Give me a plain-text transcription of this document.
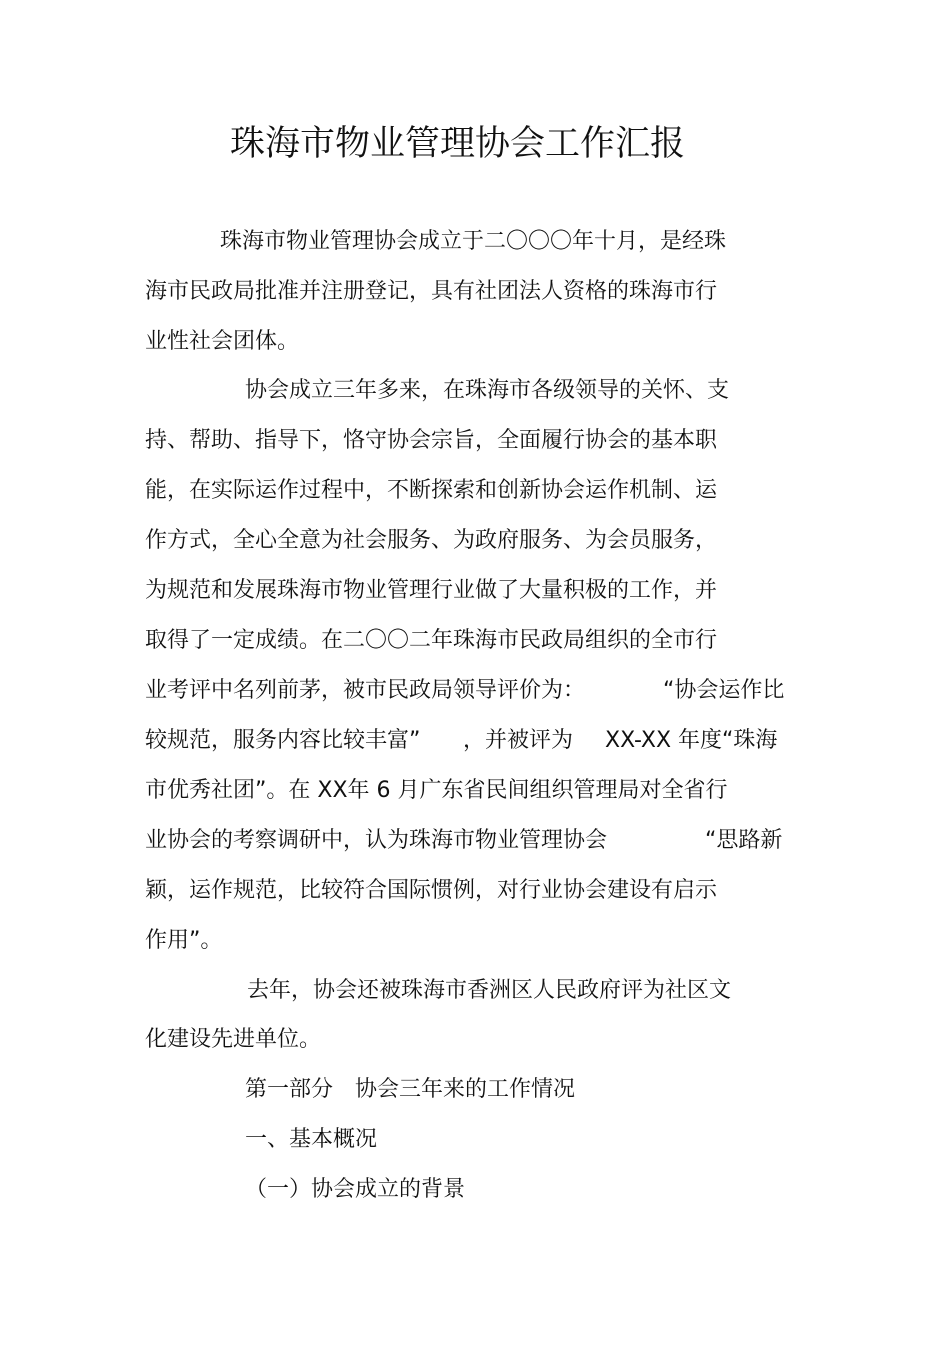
珠海市物业管理协会工作汇报
珠海市物业管理协会成立于二〇〇〇年十月，是经珠
海市民政局批准并注册登记，具有社团法人资格的珠海市行
业性社会团体。
协会成立三年多来，在珠海市各级领导的关怀、支
持、帮助、指导下，恪守协会宗旨，全面履行协会的基本职
能，在实际运作过程中，不断探索和创新协会运作机制、运
作方式，全心全意为社会服务、为政府服务、为会员服务，
为规范和发展珠海市物业管理行业做了大量积极的工作，并
取得了一定成绩。在二〇〇二年珠海市民政局组织的全市行
业考评中名列前茅，被市民政局领导评价为：	“协会运作比
较规范，服务内容比较丰富” ，并被评为 XX-XX 年度“珠海
市优秀社团”。在 XX年 6 月广东省民间组织管理局对全省行
业协会的考察调研中，认为珠海市物业管理协会	“思路新
颖，运作规范，比较符合国际惯例，对行业协会建设有启示
作用”。
去年，协会还被珠海市香洲区人民政府评为社区文
化建设先进单位。
第一部分　协会三年来的工作情况
一、基本概况
（一）协会成立的背景
